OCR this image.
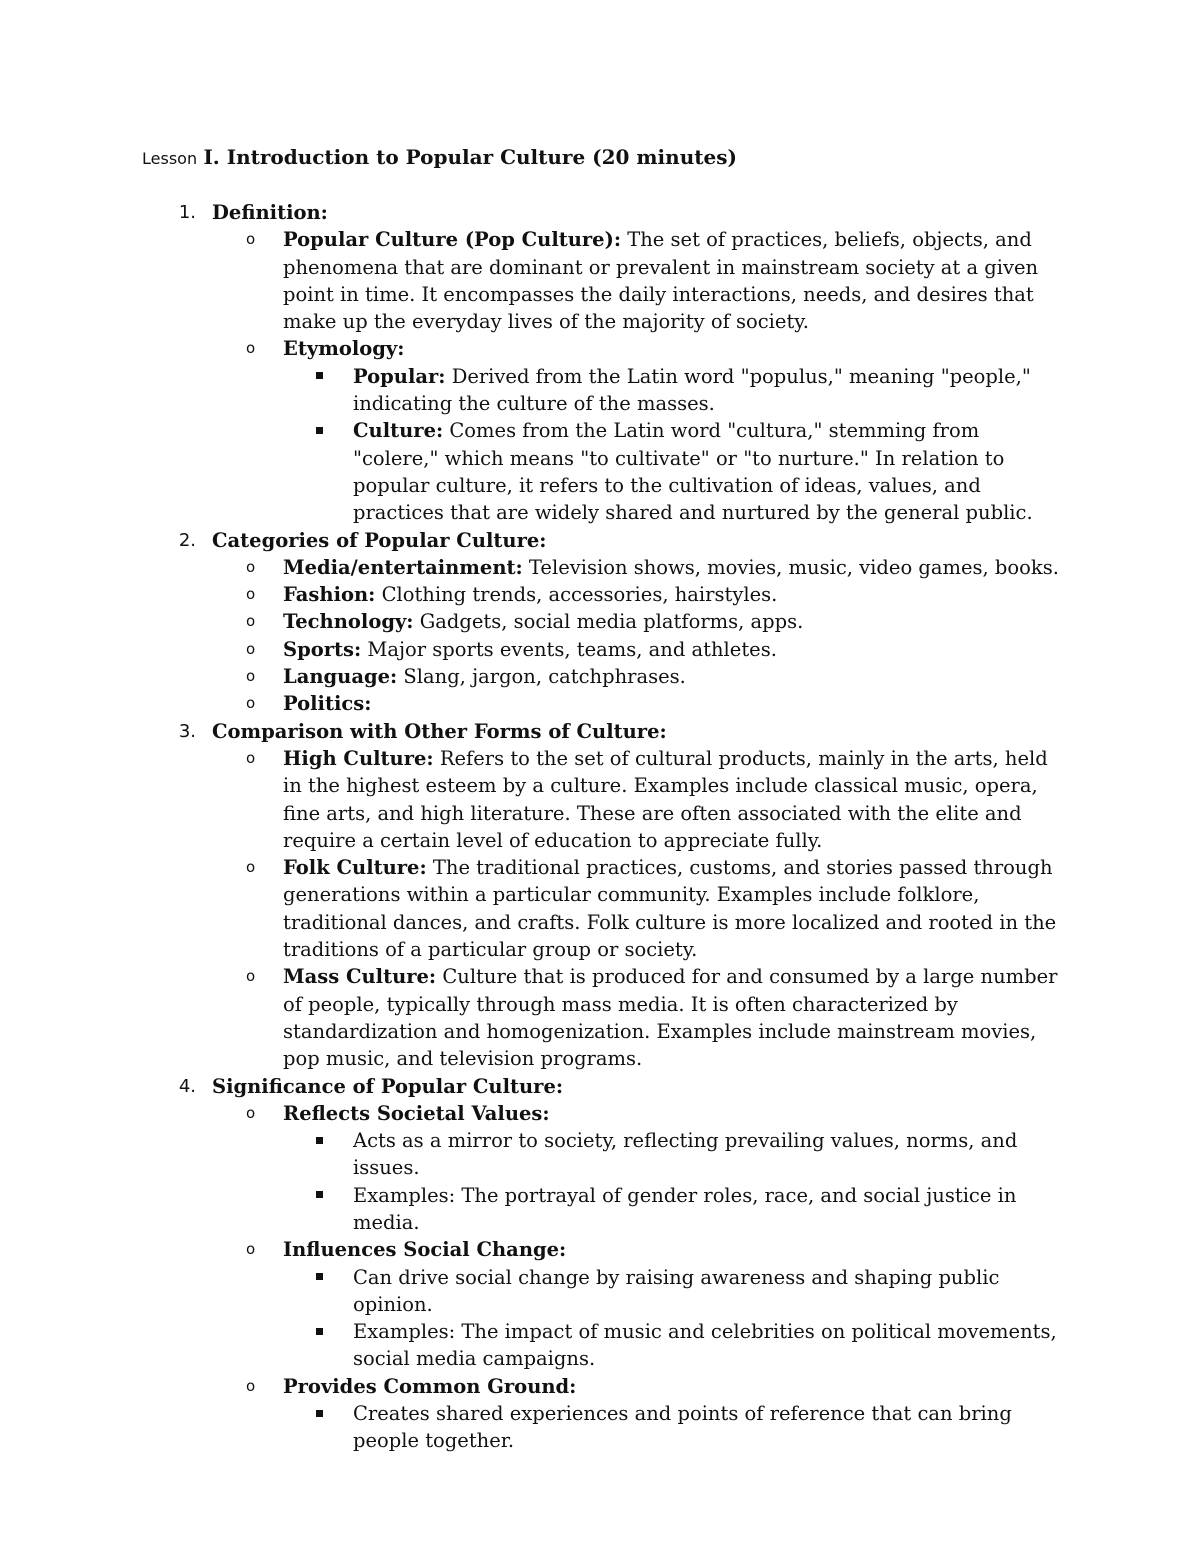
Lesson I. Introduction to Popular Culture (20 minutes)
1. Definition:
o Popular Culture (Pop Culture): The set of practices, beliefs, objects, and phenomena that are dominant or prevalent in mainstream society at a given point in time. It encompasses the daily interactions, needs, and desires that make up the everyday lives of the majority of society.
o Etymology:
Popular: Derived from the Latin word "populus," meaning "people," indicating the culture of the masses.
Culture: Comes from the Latin word "cultura," stemming from "colere," which means "to cultivate" or "to nurture." In relation to popular culture, it refers to the cultivation of ideas, values, and practices that are widely shared and nurtured by the general public.
2. Categories of Popular Culture:
o Media/entertainment: Television shows, movies, music, video games, books.
o Fashion: Clothing trends, accessories, hairstyles.
o Technology: Gadgets, social media platforms, apps.
o Sports: Major sports events, teams, and athletes.
o Language: Slang, jargon, catchphrases.
o Politics:
3. Comparison with Other Forms of Culture:
o High Culture: Refers to the set of cultural products, mainly in the arts, held in the highest esteem by a culture. Examples include classical music, opera, fine arts, and high literature. These are often associated with the elite and require a certain level of education to appreciate fully.
o Folk Culture: The traditional practices, customs, and stories passed through generations within a particular community. Examples include folklore, traditional dances, and crafts. Folk culture is more localized and rooted in the traditions of a particular group or society.
o Mass Culture: Culture that is produced for and consumed by a large number of people, typically through mass media. It is often characterized by standardization and homogenization. Examples include mainstream movies, pop music, and television programs.
4. Significance of Popular Culture:
o Reflects Societal Values:
Acts as a mirror to society, reflecting prevailing values, norms, and issues.
Examples: The portrayal of gender roles, race, and social justice in media.
o Influences Social Change:
Can drive social change by raising awareness and shaping public opinion.
Examples: The impact of music and celebrities on political movements, social media campaigns.
o Provides Common Ground:
Creates shared experiences and points of reference that can bring people together.
